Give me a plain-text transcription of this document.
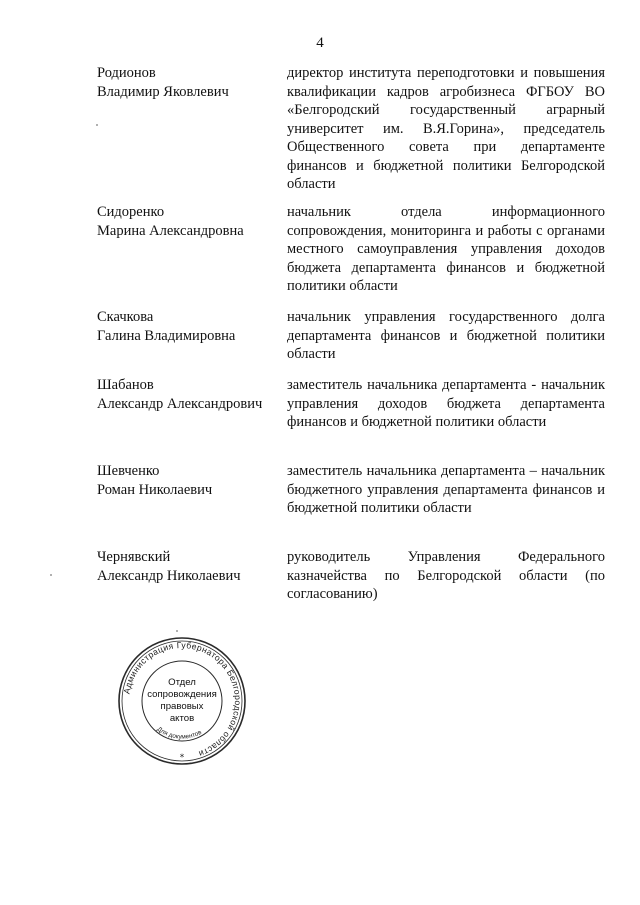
4
Родионов
Владимир Яковлевич
директор института переподготовки и повышения квалификации кадров агробизнеса ФГБОУ ВО «Белгородский государственный аграрный университет им. В.Я.Горина», председатель Общественного совета при департаменте финансов и бюджетной политики Белгородской области
Сидоренко
Марина Александровна
начальник отдела информационного сопровождения, мониторинга и работы с органами местного самоуправления управления доходов бюджета департамента финансов и бюджетной политики области
Скачкова
Галина Владимировна
начальник управления государственного долга департамента финансов и бюджетной политики области
Шабанов
Александр Александрович
заместитель начальника департамента - начальник управления доходов бюджета департамента финансов и бюджетной политики области
Шевченко
Роман Николаевич
заместитель начальника департамента – начальник бюджетного управления департамента финансов и бюджетной политики области
Чернявский
Александр Николаевич
руководитель Управления Федерального казначейства по Белгородской области (по согласованию)
Администрация Губернатора Белгородской области
Для документов
Отдел
сопровождения
правовых
актов
*
